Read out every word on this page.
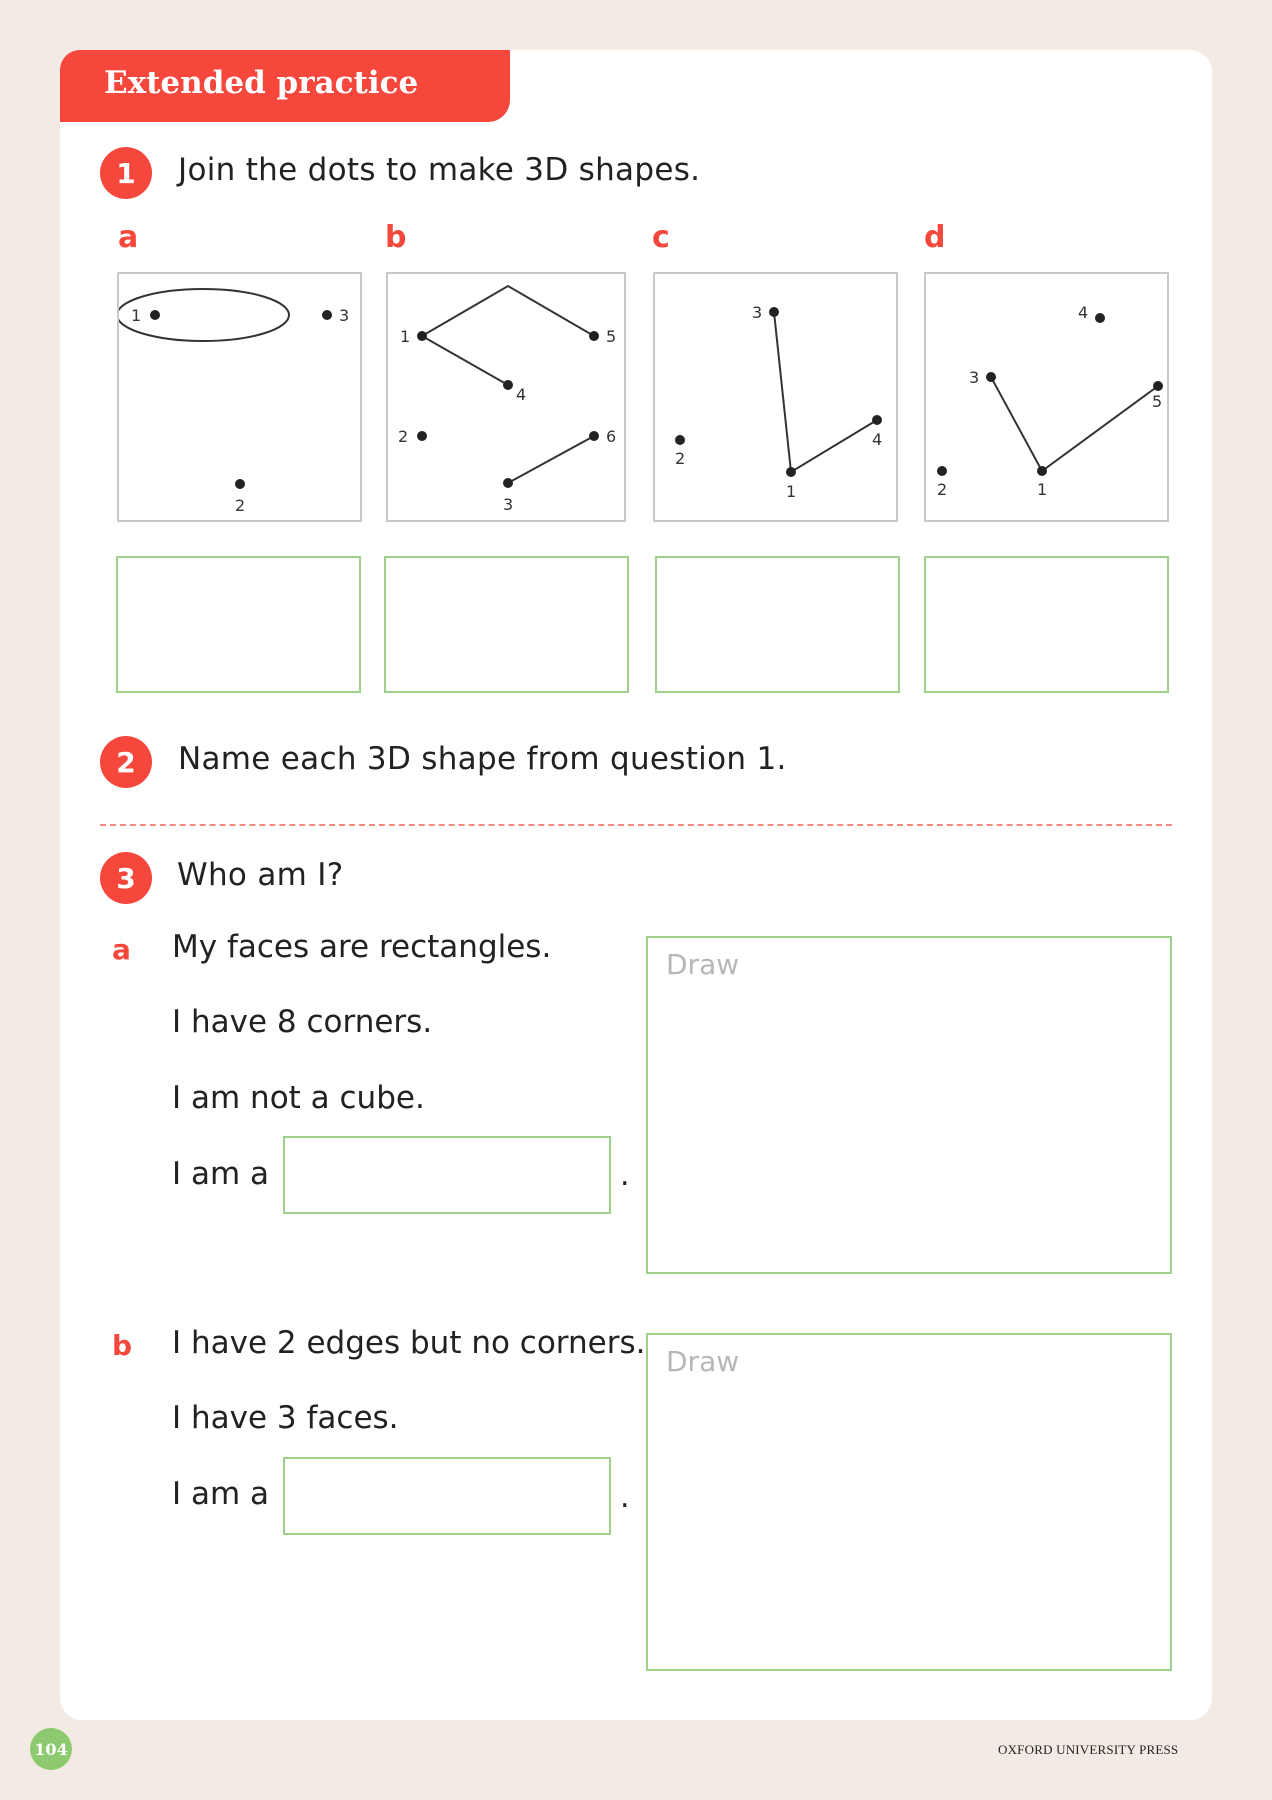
Extended practice
1	Join the dots to make 3D shapes.
a	b	c	d
1	3
2
1	5
4
2	6
3
3
2
4
1
4
3
5
2	1
2	Name each 3D shape from question 1.
3	Who am I?
a My faces are rectangles.
I have 8 corners.
I am not a cube.
I am a	.
Draw
b I have 2 edges but no corners.
I have 3 faces.
I am a	.
Draw
104	OXFORD UNIVERSITY PRESS
